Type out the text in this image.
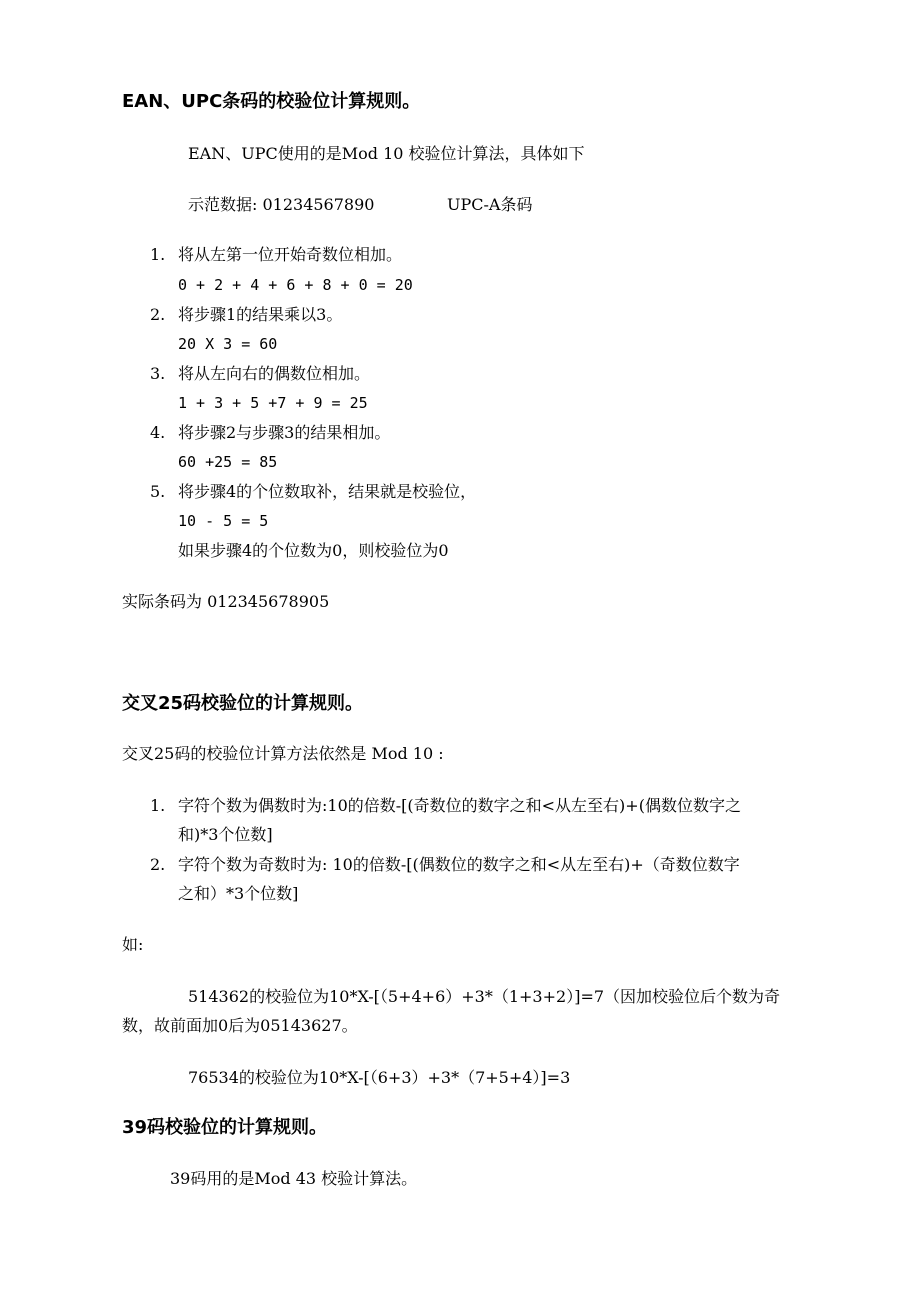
EAN、UPC条码的校验位计算规则。
EAN、UPC使用的是Mod 10 校验位计算法，具体如下
示范数据: 01234567890	UPC-A条码
1. 将从左第一位开始奇数位相加。
0 + 2 + 4 + 6 + 8 + 0 = 20
2. 将步骤1的结果乘以3。
20 X 3 = 60
3. 将从左向右的偶数位相加。
1 + 3 + 5 +7 + 9 = 25
4. 将步骤2与步骤3的结果相加。
60 +25 = 85
5. 将步骤4的个位数取补，结果就是校验位，
10 - 5 = 5
如果步骤4的个位数为0，则校验位为0
实际条码为 012345678905
交叉25码校验位的计算规则。
交叉25码的校验位计算方法依然是 Mod 10 :
1. 字符个数为偶数时为:10的倍数-[(奇数位的数字之和<从左至右)+(偶数位数字之
和)*3个位数]
2. 字符个数为奇数时为: 10的倍数-[(偶数位的数字之和<从左至右)+（奇数位数字
之和）*3个位数]
如:
514362的校验位为10*X-[（5+4+6）+3*（1+3+2）]=7（因加校验位后个数为奇
数，故前面加0后为05143627。
76534的校验位为10*X-[（6+3）+3*（7+5+4）]=3
39码校验位的计算规则。
39码用的是Mod 43 校验计算法。
